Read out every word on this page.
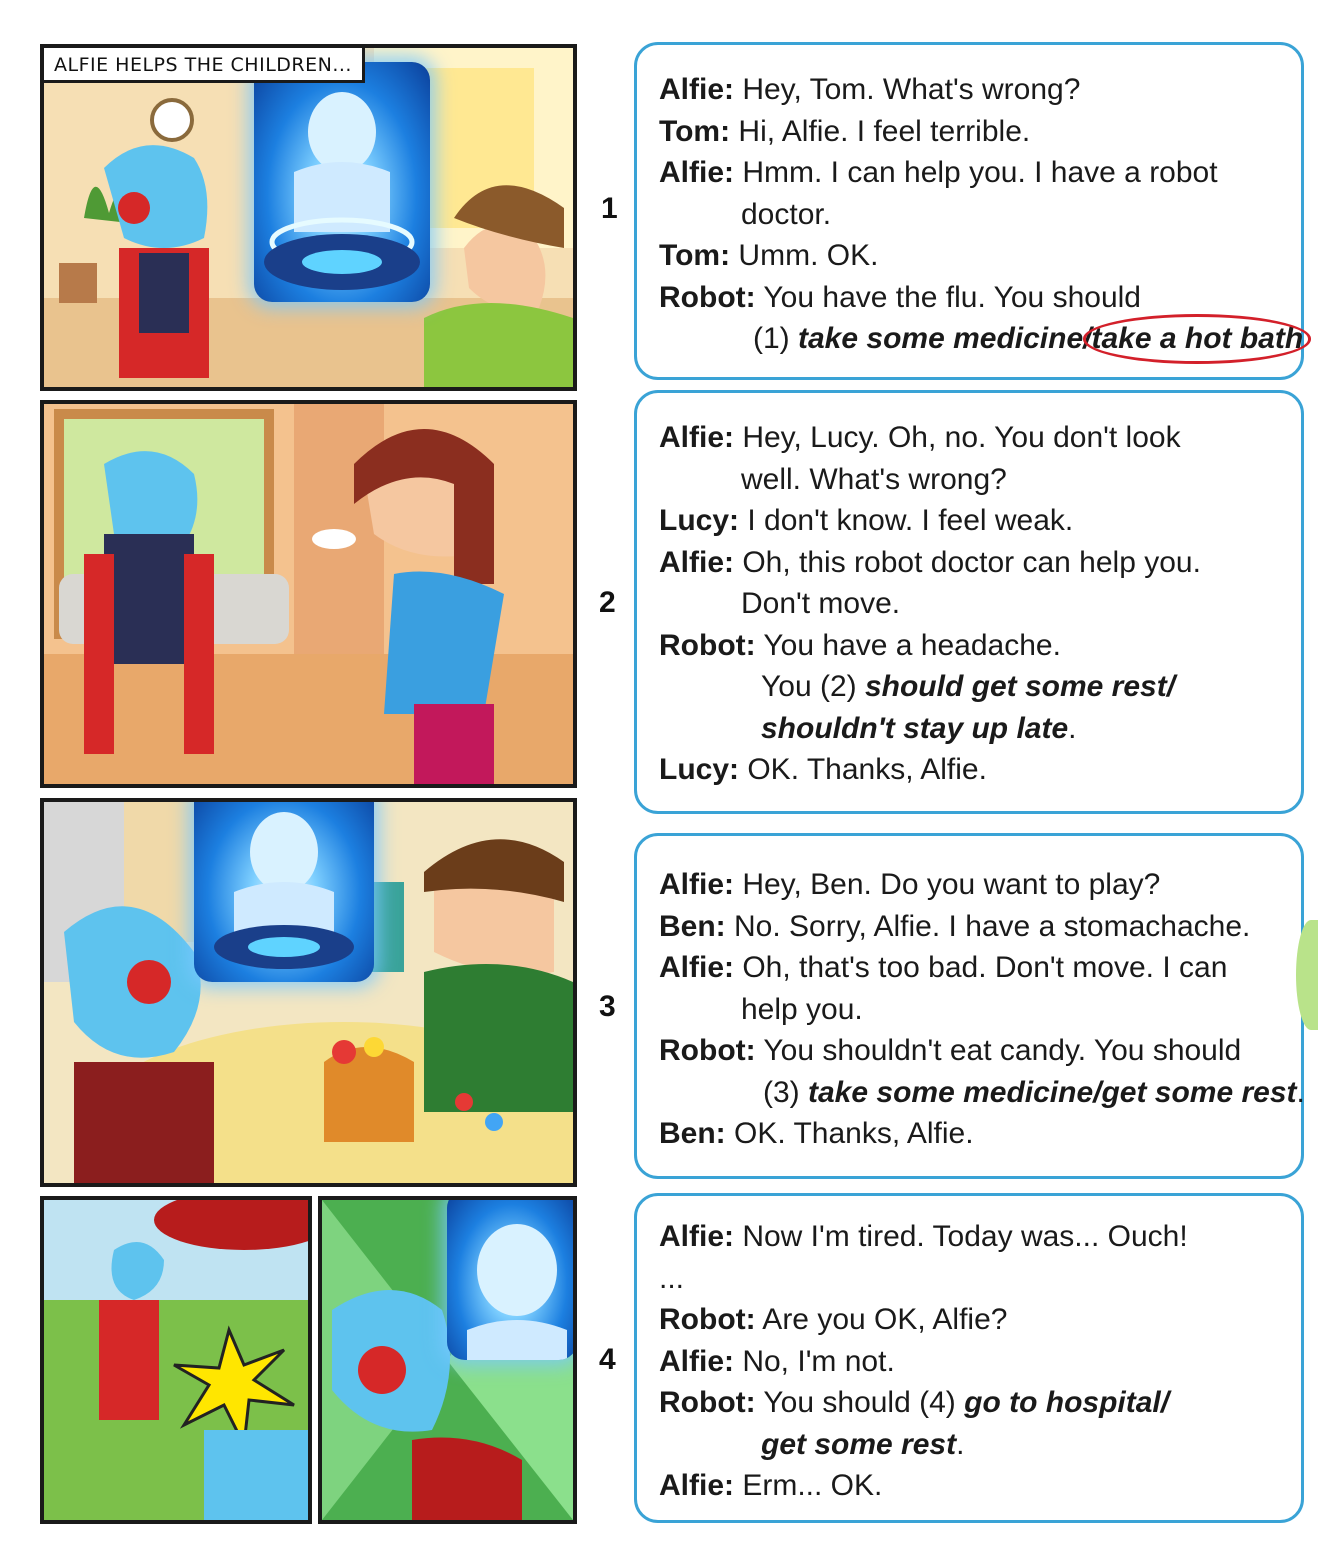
ALFIE HELPS THE CHILDREN...
1
2
3
4
Alfie: Hey, Tom. What's wrong?
Tom: Hi, Alfie. I feel terrible.
Alfie: Hmm. I can help you. I have a robot
doctor.
Tom: Umm. OK.
Robot: You have the flu. You should
(1) take some medicine/take a hot bath
Alfie: Hey, Lucy. Oh, no. You don't look
well. What's wrong?
Lucy: I don't know. I feel weak.
Alfie: Oh, this robot doctor can help you.
Don't move.
Robot: You have a headache.
You (2) should get some rest/
shouldn't stay up late.
Lucy: OK. Thanks, Alfie.
Alfie: Hey, Ben. Do you want to play?
Ben: No. Sorry, Alfie. I have a stomachache.
Alfie: Oh, that's too bad. Don't move. I can
help you.
Robot: You shouldn't eat candy. You should
(3) take some medicine/get some rest.
Ben: OK. Thanks, Alfie.
Alfie: Now I'm tired. Today was... Ouch!
...
Robot: Are you OK, Alfie?
Alfie: No, I'm not.
Robot: You should (4) go to hospital/
get some rest.
Alfie: Erm... OK.
